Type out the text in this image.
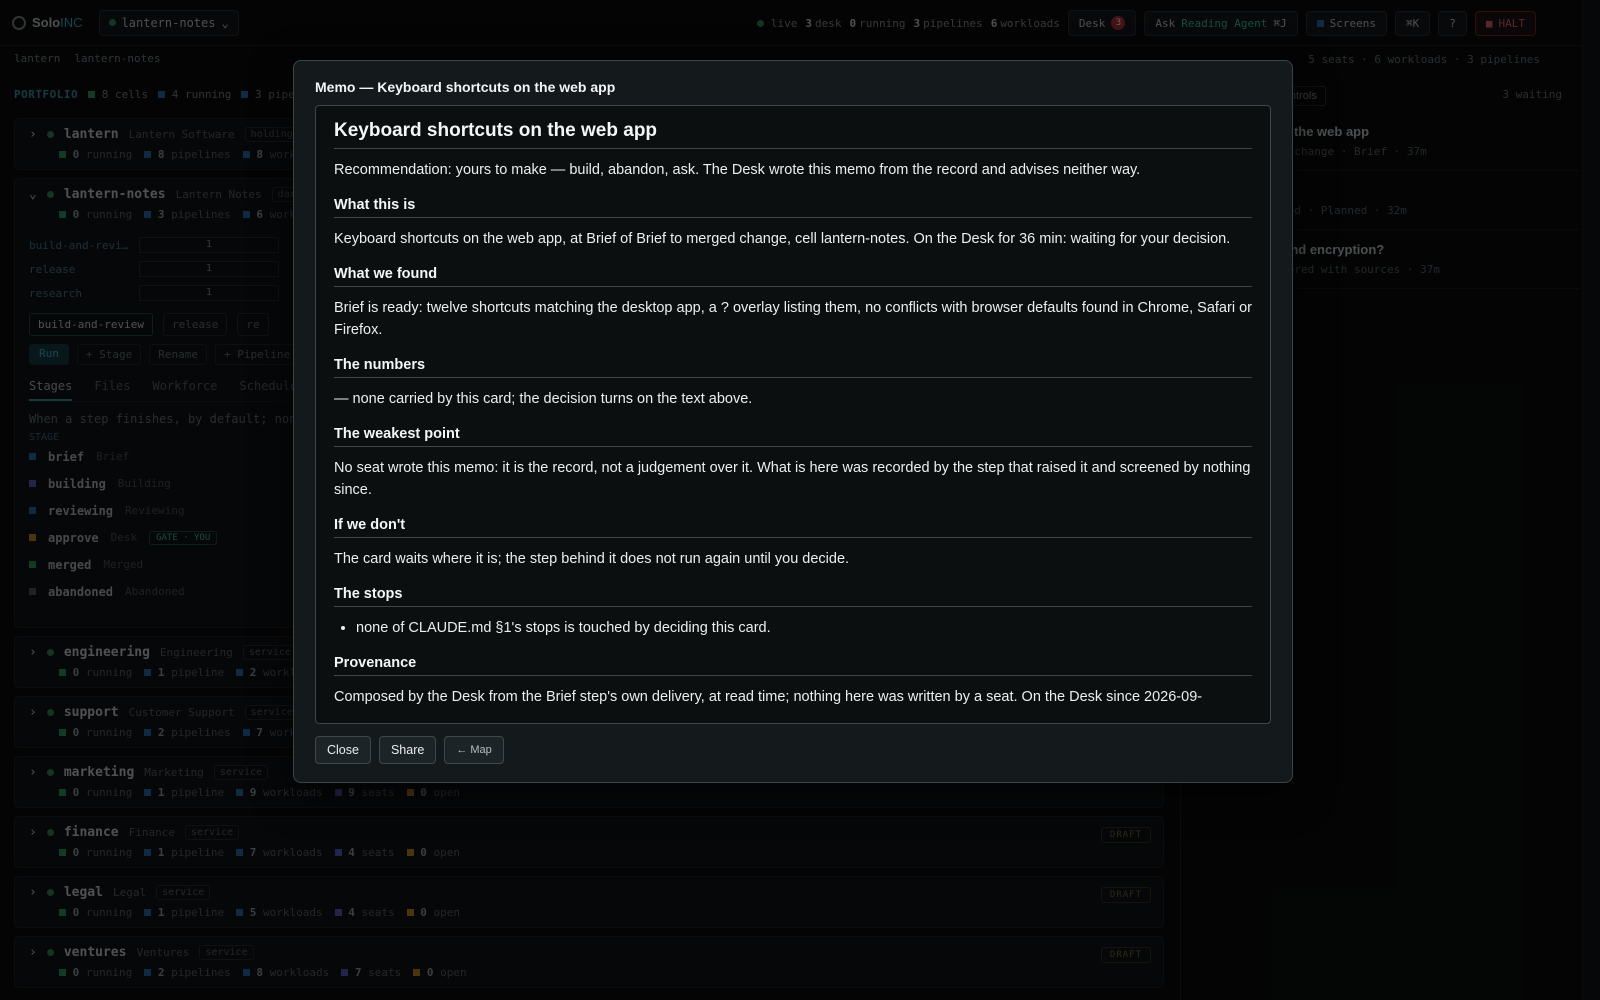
Memo — Keyboard shortcuts on the web app
Keyboard shortcuts on the web app

Recommendation: yours to make — build, abandon, ask. The Desk wrote this memo from the record and advises neither way.

What this is

Keyboard shortcuts on the web app, at Brief of Brief to merged change, cell lantern-notes. On the Desk for 36 min: waiting for your decision.

What we found

Brief is ready: twelve shortcuts matching the desktop app, a ? overlay listing them, no conflicts with browser defaults found in Chrome, Safari or Firefox.

The numbers

— none carried by this card; the decision turns on the text above.

The weakest point

No seat wrote this memo: it is the record, not a judgement over it. What is here was recorded by the step that raised it and screened by nothing since.

If we don't

The card waits where it is; the step behind it does not run again until you decide.

The stops
• none of CLAUDE.md §1's stops is touched by deciding this card.
Provenance

Composed by the Desk from the Brief step's own delivery, at read time; nothing here was written by a seat. On the Desk since 2026-09-

Close	Share	← Map
